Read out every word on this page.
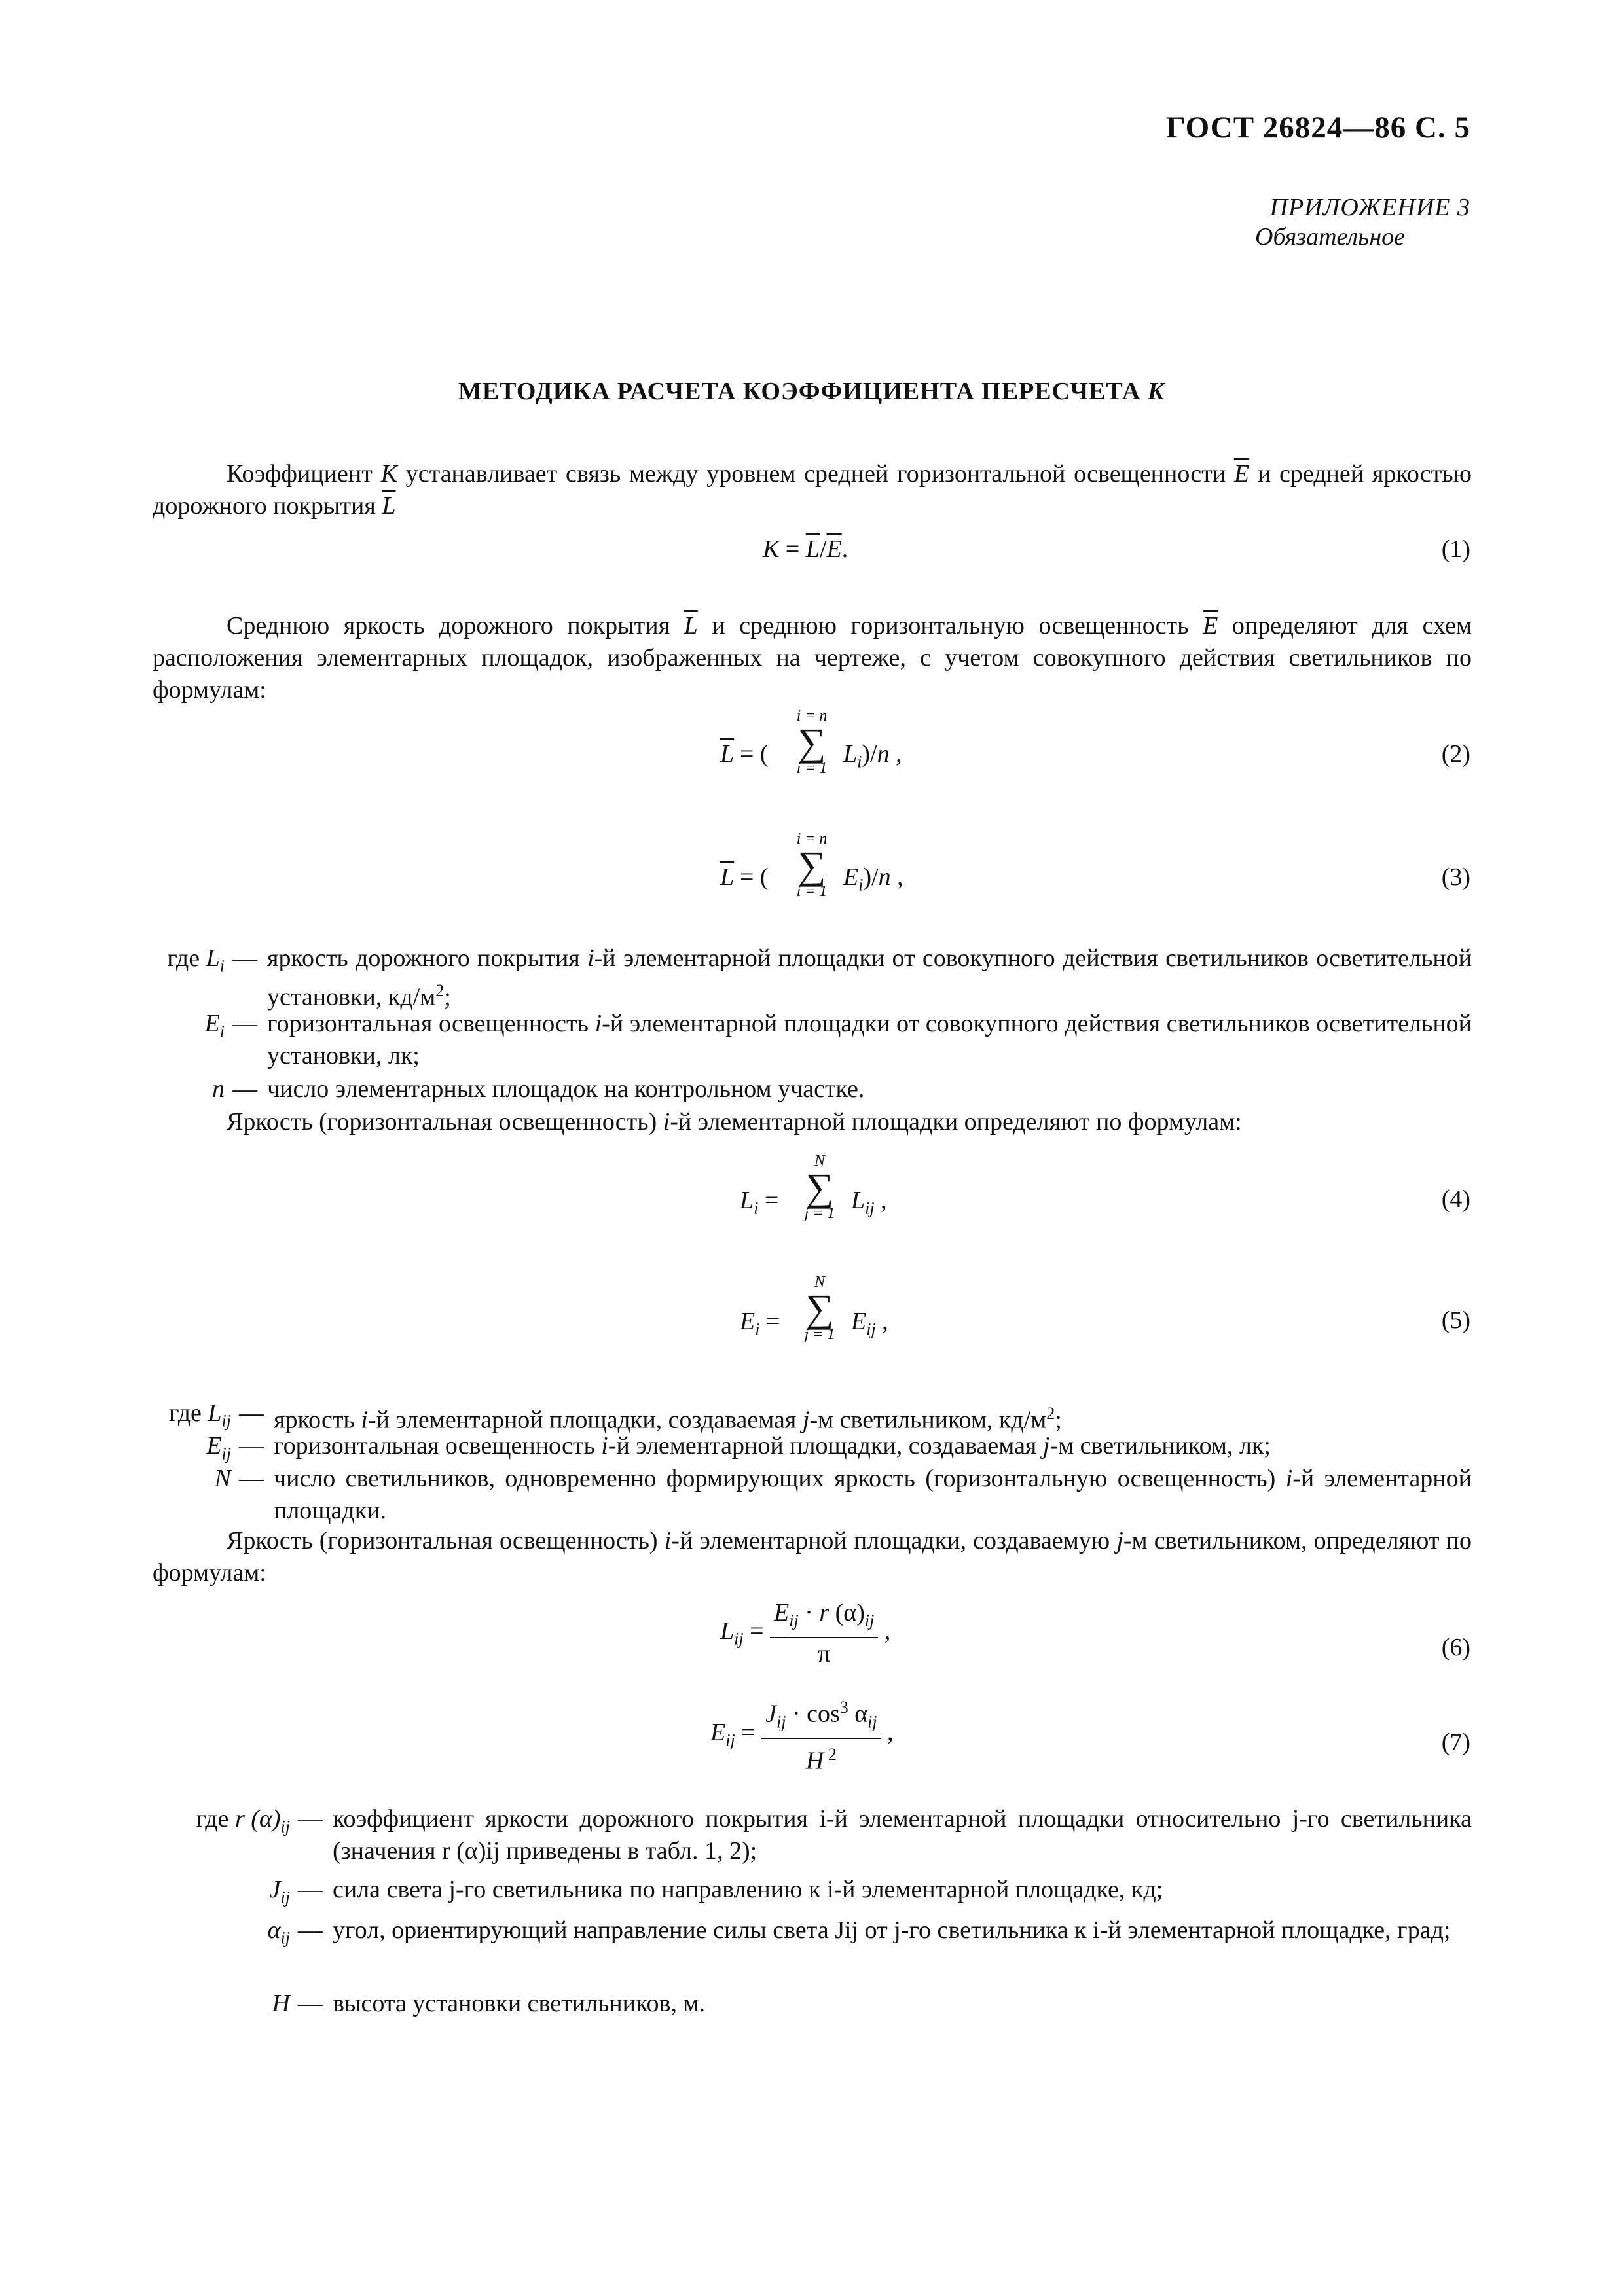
ГОСТ 26824—86 С. 5
ПРИЛОЖЕНИЕ 3
Обязательное
МЕТОДИКА РАСЧЕТА КОЭФФИЦИЕНТА ПЕРЕСЧЕТА K
Коэффициент K устанавливает связь между уровнем средней горизонтальной освещенности $\overline{E}$ и средней яркостью дорожного покрытия $\overline{L}$
$K = \overline{L}/\overline{E}$.	(1)
Среднюю яркость дорожного покрытия $\overline{L}$ и среднюю горизонтальную освещенность $\overline{E}$ определяют для схем расположения элементарных площадок, изображенных на чертеже, с учетом совокупного действия светильников по формулам:
$\overline{L}$ = (
i = n
∑
i = 1
$L_i)/n$ ,	(2)
$\overline{L}$ = (
i = n
∑
i = 1
$E_i)/n$ ,	(3)
где $L_i$ — яркость дорожного покрытия i-й элементарной площадки от совокупного действия светильников осветительной установки, $кд/м^2$;
$E_i$ — горизонтальная освещенность i-й элементарной площадки от совокупного действия светильников осветительной установки, лк;
n — число элементарных площадок на контрольном участке.
Яркость (горизонтальная освещенность) i-й элементарной площадки определяют по формулам:
$L_i$ =
N
∑
j = 1 $L_{ij}$ ,	(4)
$E_i$ =
N
∑
j = 1 $E_{ij}$ ,	(5)
где $L_{ij}$ — яркость i-й элементарной площадки, создаваемая j-м светильником, $кд/м^2$;
$E_{ij}$ — горизонтальная освещенность i-й элементарной площадки, создаваемая j-м светильником, лк;
N — число светильников, одновременно формирующих яркость (горизонтальную освещенность) i-й элементарной площадки.
Яркость (горизонтальная освещенность) i-й элементарной площадки, создаваемую j-м светильником, определяют по формулам:
$L_{ij} = \frac{E_{ij} \cdot r (\alpha)_{ij}}{\pi}$ ,
(6)
$E_{ij} = \frac{J_{ij} \cdot \cos^3 \alpha_{ij}}{H ^2}$ ,	(7)
где r $(\alpha)_{ij}$ — коэффициент яркости дорожного покрытия i-й элементарной площадки относительно j-го светильника (значения r (α)ij приведены в табл. 1, 2);
$J_{ij}$ — сила света j-го светильника по направлению к i-й элементарной площадке, кд;
$\alpha_{ij}$ — угол, ориентирующий направление силы света Jij от j-го светильника к i-й элементарной площадке, град;
H — высота установки светильников, м.
